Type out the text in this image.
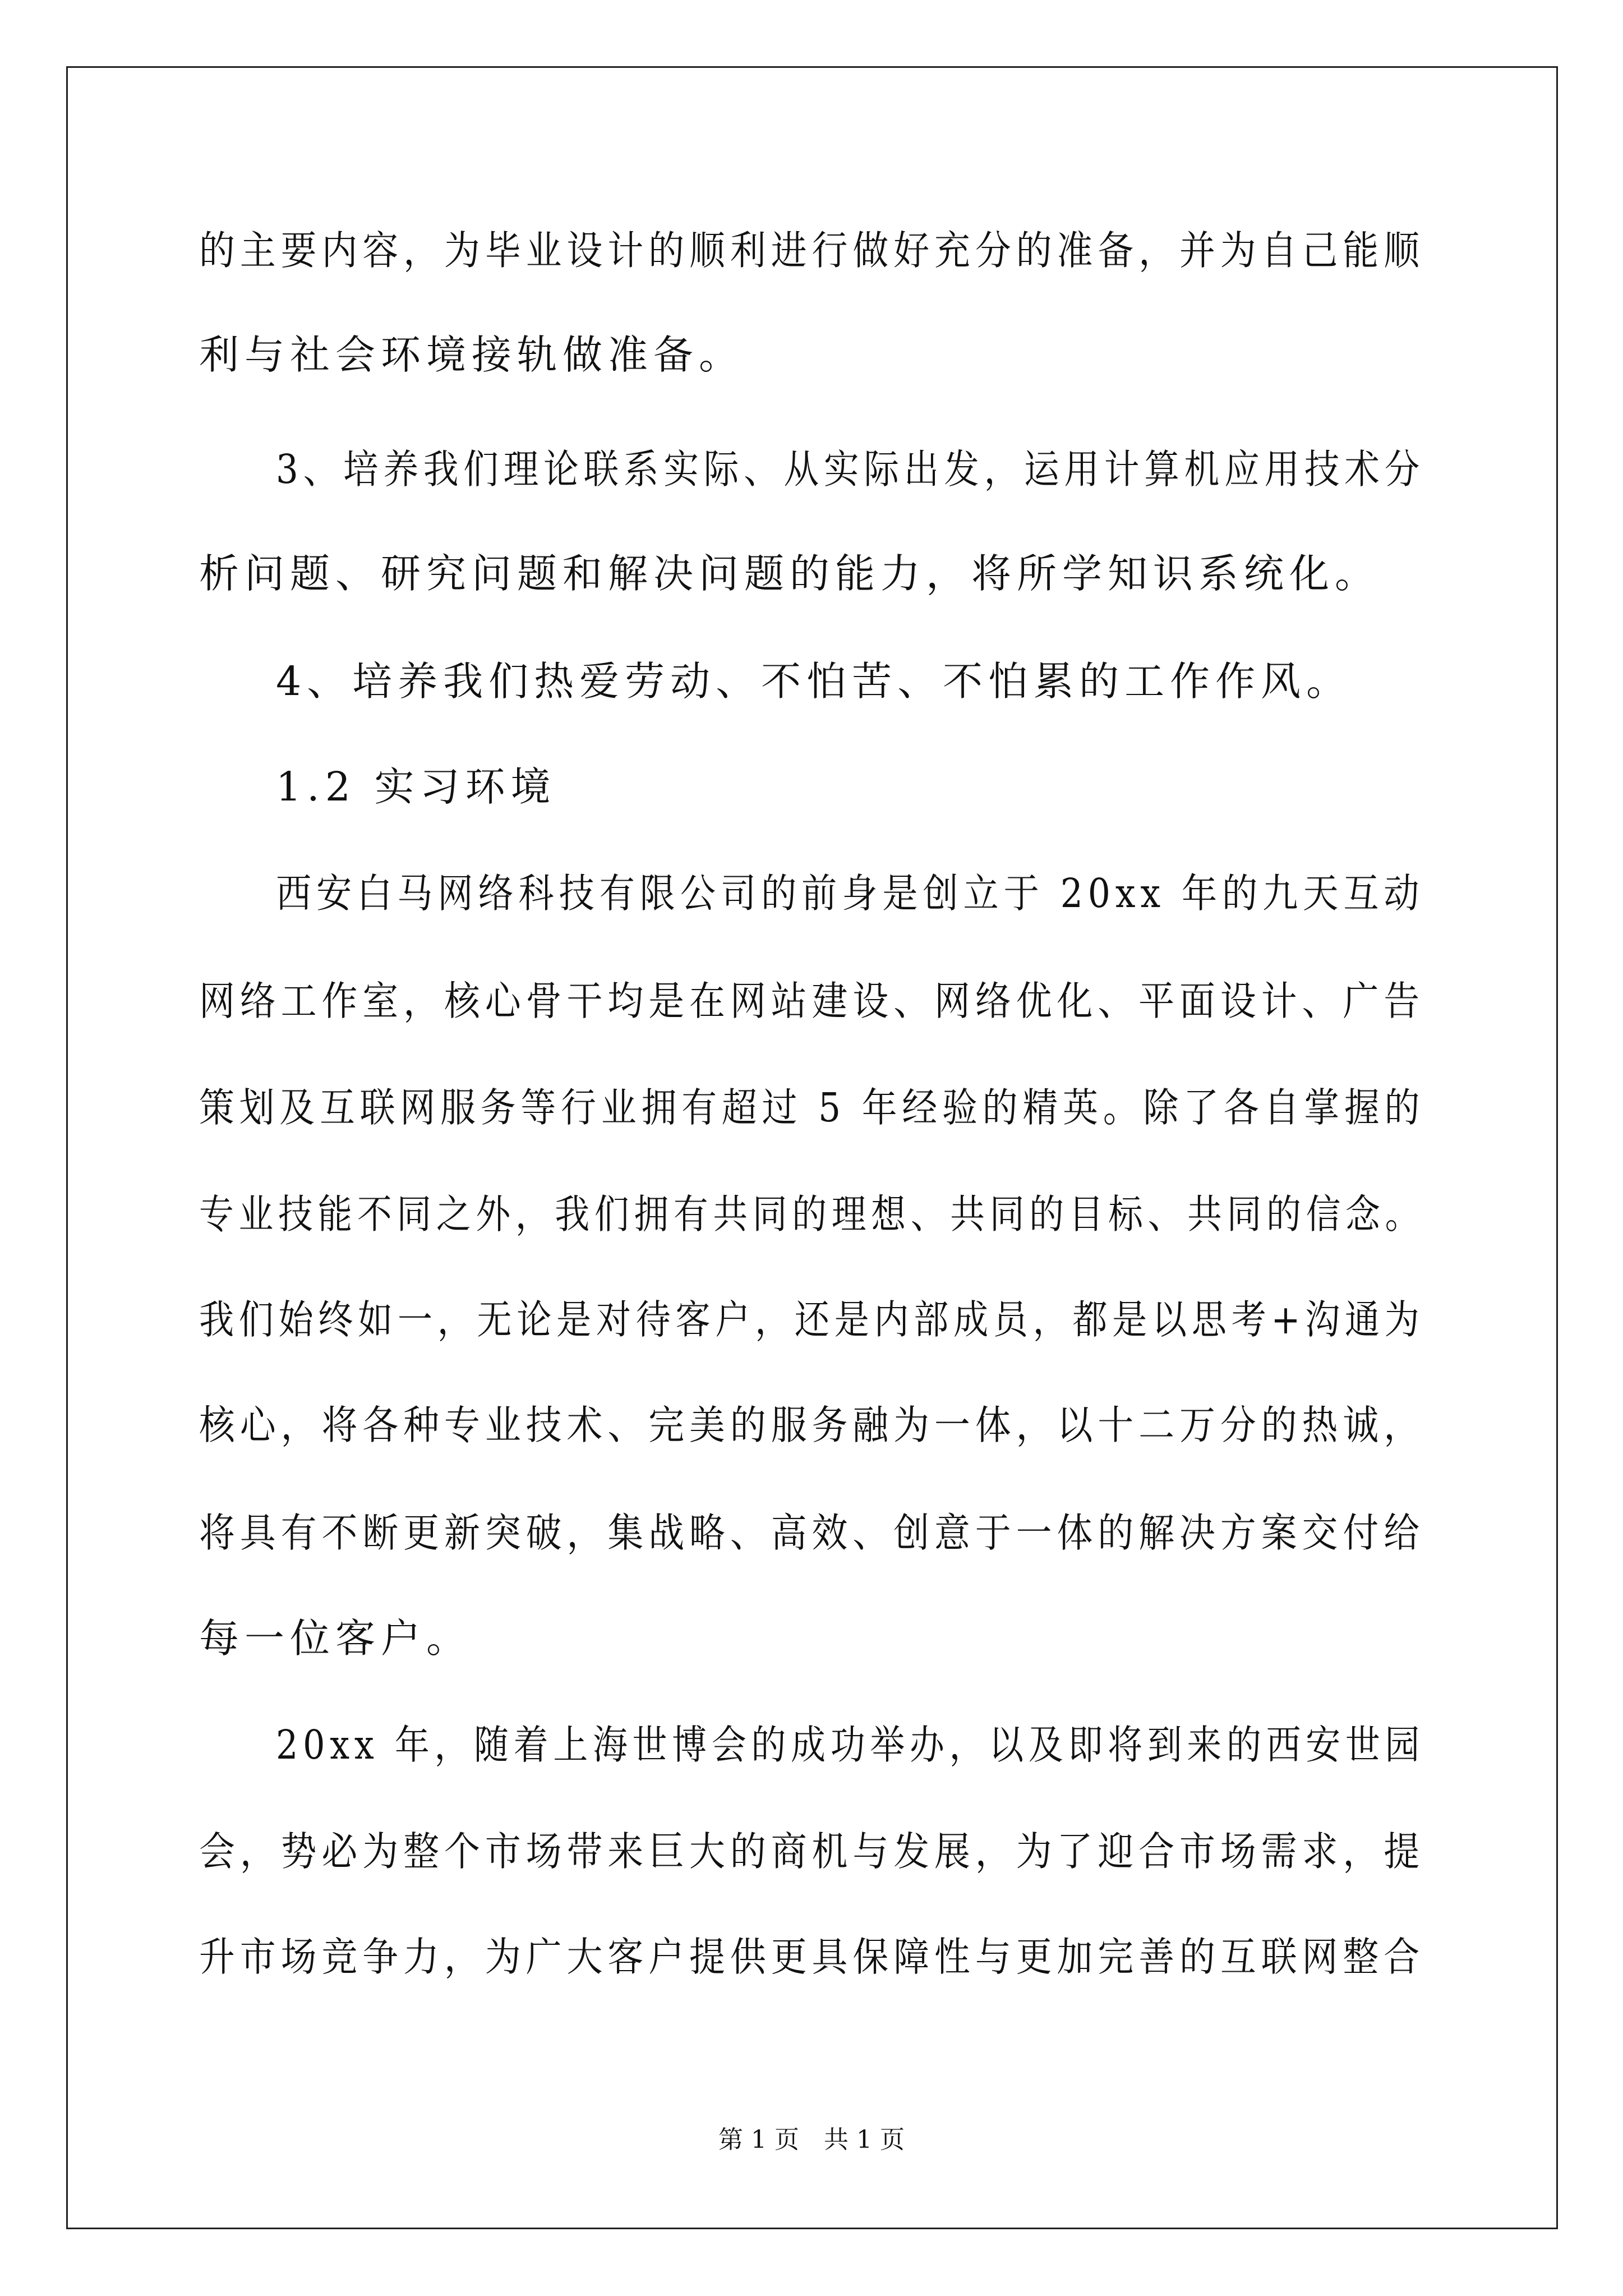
的主要内容，为毕业设计的顺利进行做好充分的准备，并为自己能顺
利与社会环境接轨做准备。
3、培养我们理论联系实际、从实际出发，运用计算机应用技术分
析问题、研究问题和解决问题的能力，将所学知识系统化。
4、培养我们热爱劳动、不怕苦、不怕累的工作作风。
1.2 实习环境
西安白马网络科技有限公司的前身是创立于 20xx 年的九天互动
网络工作室，核心骨干均是在网站建设、网络优化、平面设计、广告
策划及互联网服务等行业拥有超过 5 年经验的精英。除了各自掌握的
专业技能不同之外，我们拥有共同的理想、共同的目标、共同的信念。
我们始终如一，无论是对待客户，还是内部成员，都是以思考+沟通为
核心，将各种专业技术、完美的服务融为一体，以十二万分的热诚，
将具有不断更新突破，集战略、高效、创意于一体的解决方案交付给
每一位客户。
20xx 年，随着上海世博会的成功举办，以及即将到来的西安世园
会，势必为整个市场带来巨大的商机与发展，为了迎合市场需求，提
升市场竞争力，为广大客户提供更具保障性与更加完善的互联网整合
第 1 页　共 1 页
